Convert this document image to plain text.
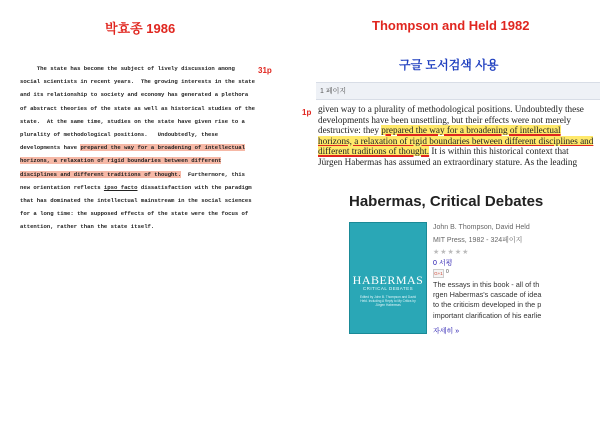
박효종 1986
31p
The state has become the subject of lively discussion among
social scientists in recent years.  The growing interests in the state
and its relationship to society and economy has generated a plethora
of abstract theories of the state as well as historical studies of the
state.  At the same time, studies on the state have given rise to a
plurality of methodological positions.   Undoubtedly, these
developments have prepared the way for a broadening of intellectual
horizons, a relaxation of rigid boundaries between different
disciplines and different traditions of thought.  Furthermore, this
new orientation reflects ipso facto dissatisfaction with the paradigm
that has dominated the intellectual mainstream in the social sciences
for a long time: the supposed effects of the state were the focus of
attention, rather than the state itself.
Thompson and Held 1982
구글 도서검색 사용
1 페이지
1p given way to a plurality of methodological positions. Undoubtedly these
developments have been unsettling, but their effects were not merely
destructive: they prepared the way for a broadening of intellectual
horizons, a relaxation of rigid boundaries between different disciplines and
different traditions of thought. It is within this historical context that
Jürgen Habermas has assumed an extraordinary stature. As the leading
Habermas, Critical Debates
HABERMAS
CRITICAL DEBATES
Edited by John B. Thompson and David Held. Including A Reply to My Critics by Jürgen Habermas
John B. Thompson, David Held
MIT Press, 1982 - 324페이지
★★★★★
0 서평
G+1 0
The essays in this book - all of th
rgen Habermas's cascade of idea
to the criticism developed in the p
important clarification of his earlie
자세히 »
